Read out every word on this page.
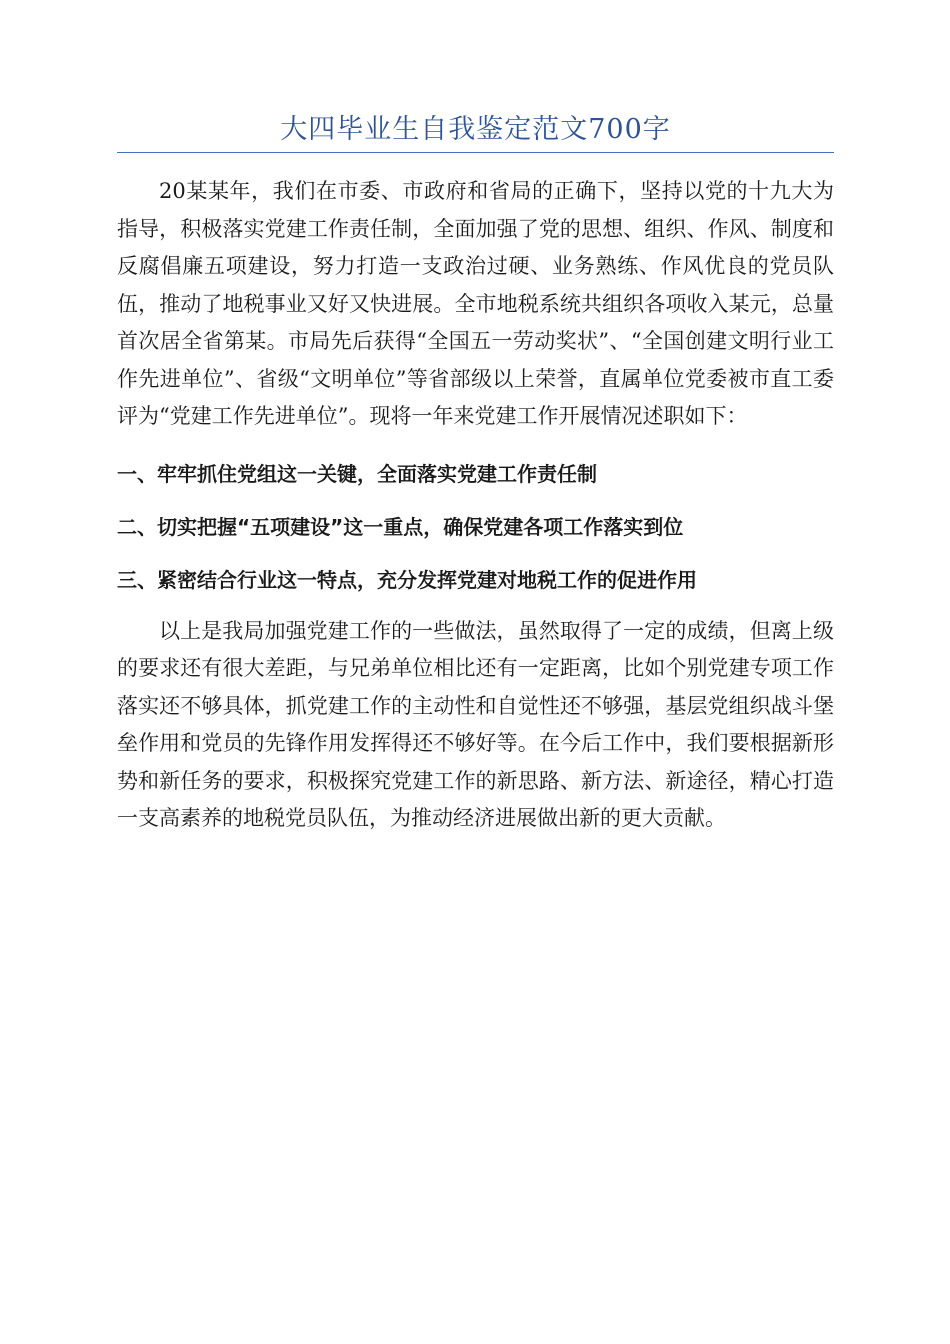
大四毕业生自我鉴定范文700字

20某某年，我们在市委、市政府和省局的正确下，坚持以党的十九大为指导，积极落实党建工作责任制，全面加强了党的思想、组织、作风、制度和反腐倡廉五项建设，努力打造一支政治过硬、业务熟练、作风优良的党员队伍，推动了地税事业又好又快进展。全市地税系统共组织各项收入某元，总量首次居全省第某。市局先后获得“全国五一劳动奖状”、“全国创建文明行业工作先进单位”、省级“文明单位”等省部级以上荣誉，直属单位党委被市直工委评为“党建工作先进单位”。现将一年来党建工作开展情况述职如下：

一、牢牢抓住党组这一关键，全面落实党建工作责任制

二、切实把握“五项建设”这一重点，确保党建各项工作落实到位

三、紧密结合行业这一特点，充分发挥党建对地税工作的促进作用

以上是我局加强党建工作的一些做法，虽然取得了一定的成绩，但离上级的要求还有很大差距，与兄弟单位相比还有一定距离，比如个别党建专项工作落实还不够具体，抓党建工作的主动性和自觉性还不够强，基层党组织战斗堡垒作用和党员的先锋作用发挥得还不够好等。在今后工作中，我们要根据新形势和新任务的要求，积极探究党建工作的新思路、新方法、新途径，精心打造一支高素养的地税党员队伍，为推动经济进展做出新的更大贡献。
